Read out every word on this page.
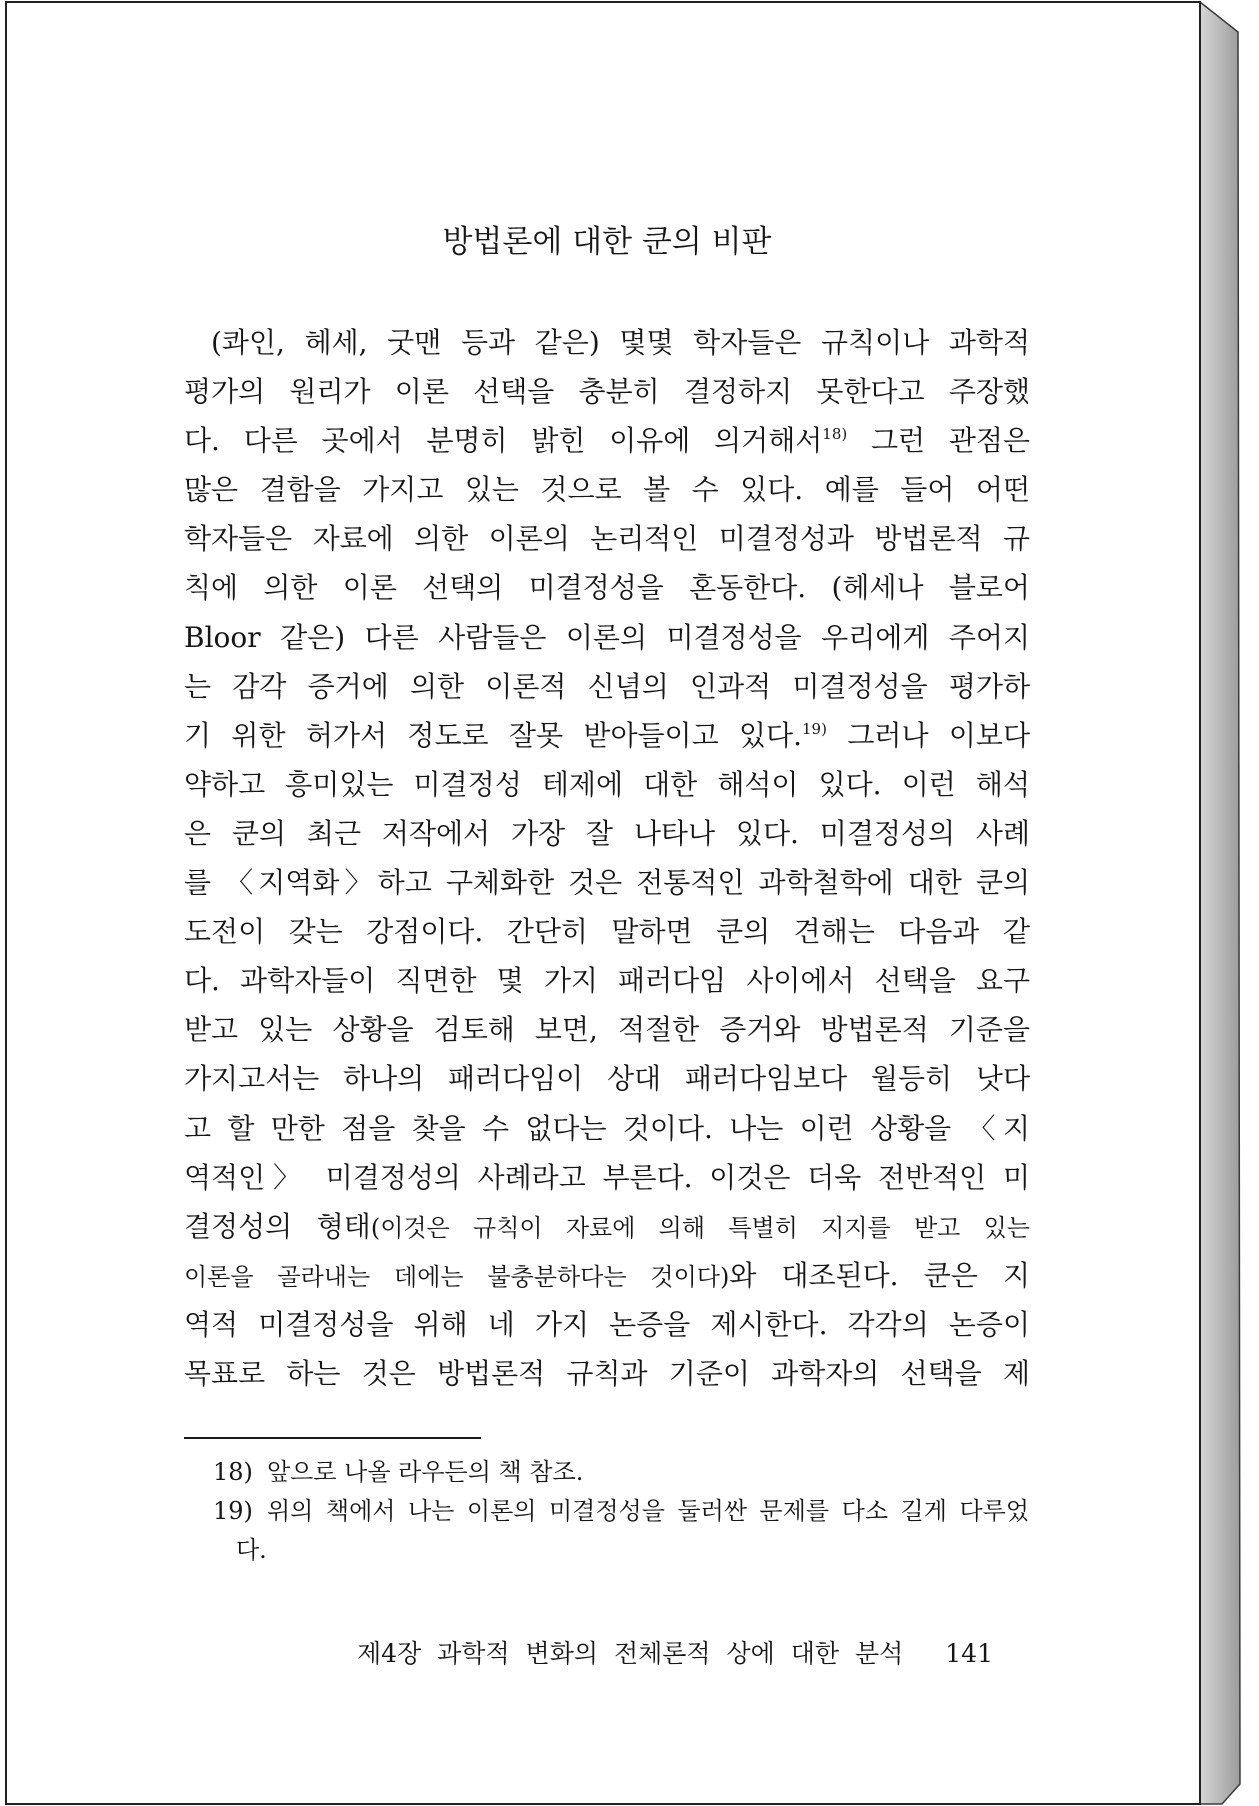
방법론에 대한 쿤의 비판
(콰인, 헤세, 굿맨 등과 같은) 몇몇 학자들은 규칙이나 과학적
평가의 원리가 이론 선택을 충분히 결정하지 못한다고 주장했
다. 다른 곳에서 분명히 밝힌 이유에 의거해서$^{18)}$ 그런 관점은
많은 결함을 가지고 있는 것으로 볼 수 있다. 예를 들어 어떤
학자들은 자료에 의한 이론의 논리적인 미결정성과 방법론적 규
칙에 의한 이론 선택의 미결정성을 혼동한다. (헤세나 블로어
Bloor 같은) 다른 사람들은 이론의 미결정성을 우리에게 주어지
는 감각 증거에 의한 이론적 신념의 인과적 미결정성을 평가하
기 위한 허가서 정도로 잘못 받아들이고 있다.$^{19)}$ 그러나 이보다
약하고 흥미있는 미결정성 테제에 대한 해석이 있다. 이런 해석
은 쿤의 최근 저작에서 가장 잘 나타나 있다. 미결정성의 사례
를 〈지역화〉하고 구체화한 것은 전통적인 과학철학에 대한 쿤의
도전이 갖는 강점이다. 간단히 말하면 쿤의 견해는 다음과 같
다. 과학자들이 직면한 몇 가지 패러다임 사이에서 선택을 요구
받고 있는 상황을 검토해 보면, 적절한 증거와 방법론적 기준을
가지고서는 하나의 패러다임이 상대 패러다임보다 월등히 낫다
고 할 만한 점을 찾을 수 없다는 것이다. 나는 이런 상황을 〈지
역적인〉 미결정성의 사례라고 부른다. 이것은 더욱 전반적인 미
결정성의 형태(이것은 규칙이 자료에 의해 특별히 지지를 받고 있는
이론을 골라내는 데에는 불충분하다는 것이다)와 대조된다. 쿤은 지
역적 미결정성을 위해 네 가지 논증을 제시한다. 각각의 논증이
목표로 하는 것은 방법론적 규칙과 기준이 과학자의 선택을 제
18) 앞으로 나올 라우든의 책 참조.
19) 위의 책에서 나는 이론의 미결정성을 둘러싼 문제를 다소 길게 다루었
다.
제4장 과학적 변화의 전체론적 상에 대한 분석 141
